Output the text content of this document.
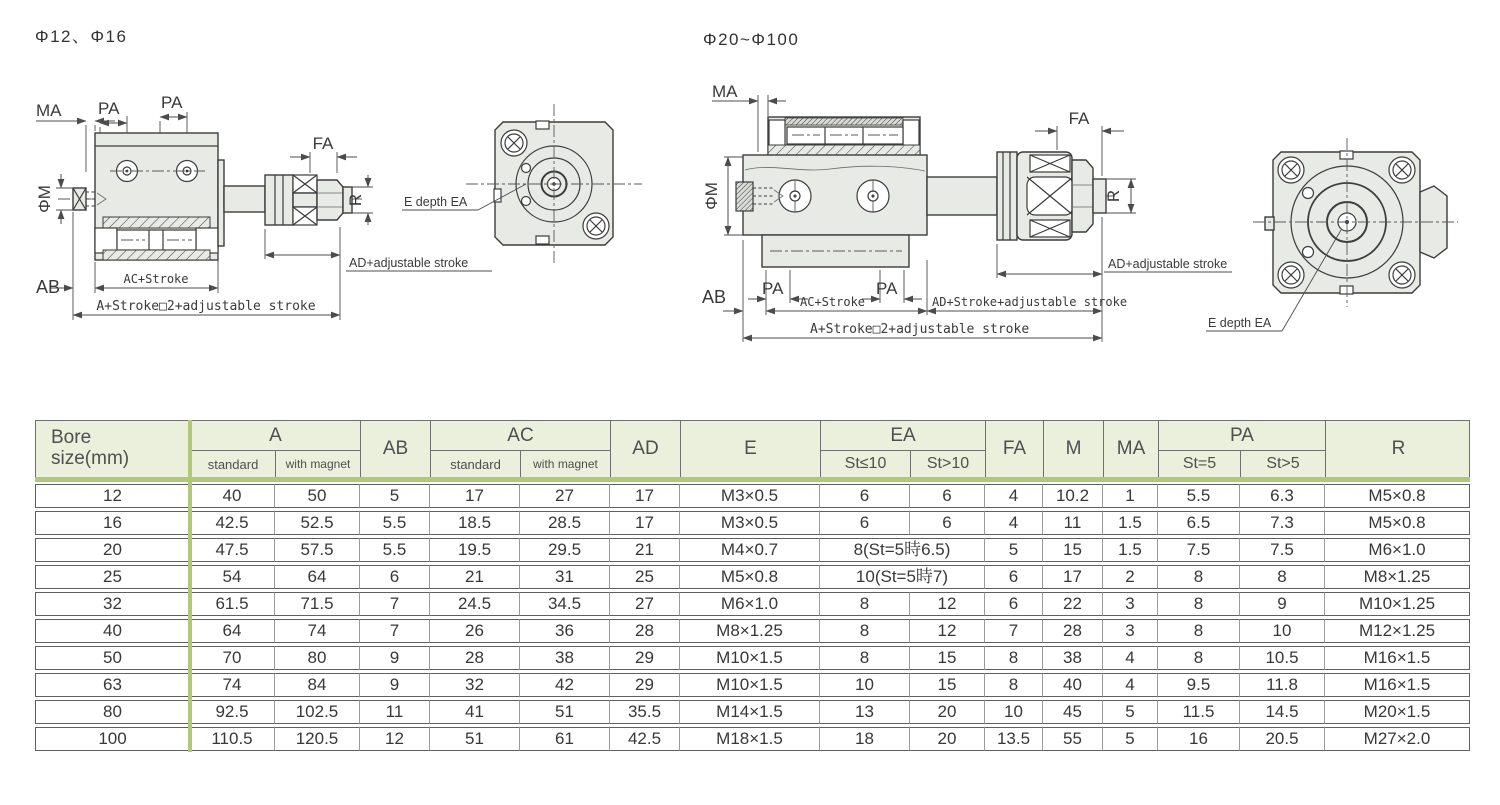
Φ12、Φ16
MA PA PA
FA
ΦM	R
AB	AC+Stroke
A+Stroke□2+adjustable stroke
AD+adjustable stroke
E depth EA
Φ20~Φ100
MA
ΦM
FA
R
AD+adjustable stroke
AB PA	PA
AC+Stroke	AD+Stroke+adjustable stroke
A+Stroke□2+adjustable stroke	E depth EA
Bore
size(mm)
A
standard	with magnet
AB
AC
standard	with magnet
AD	E
EA
St≤10	St>10
FA	M	MA
PA
St=5	St>5
R
12	40	50	5	17	27	17	M3×0.5	6	6	4	10.2	1	5.5	6.3	M5×0.8
16	42.5	52.5	5.5	18.5	28.5	17	M3×0.5	6	6	4	11	1.5	6.5	7.3	M5×0.8
20	47.5	57.5	5.5	19.5	29.5	21	M4×0.7	8(St=5時6.5)	5	15	1.5	7.5	7.5	M6×1.0
25	54	64	6	21	31	25	M5×0.8	10(St=5時7)	6	17	2	8	8	M8×1.25
32	61.5	71.5	7	24.5	34.5	27	M6×1.0	8	12	6	22	3	8	9	M10×1.25
40	64	74	7	26	36	28	M8×1.25	8	12	7	28	3	8	10	M12×1.25
50	70	80	9	28	38	29	M10×1.5	8	15	8	38	4	8	10.5	M16×1.5
63	74	84	9	32	42	29	M10×1.5	10	15	8	40	4	9.5	11.8	M16×1.5
80	92.5	102.5	11	41	51	35.5	M14×1.5	13	20	10	45	5	11.5	14.5	M20×1.5
100	110.5	120.5	12	51	61	42.5	M18×1.5	18	20	13.5	55	5	16	20.5	M27×2.0
